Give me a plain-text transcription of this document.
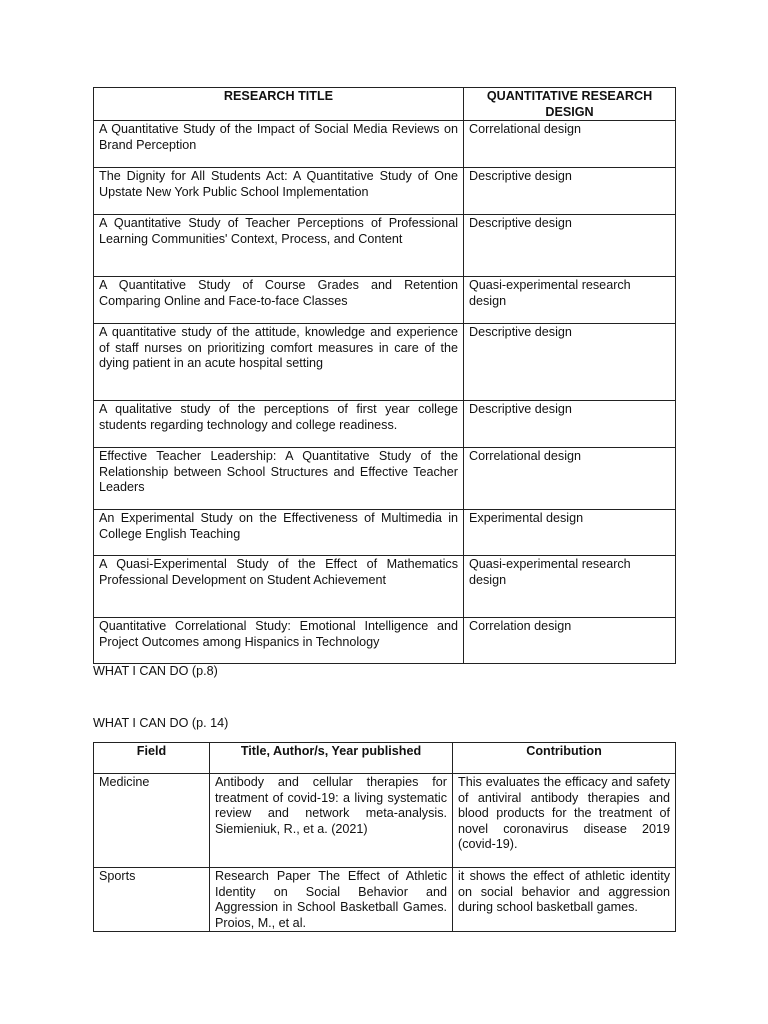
RESEARCH TITLE	QUANTITATIVE RESEARCH DESIGN
A Quantitative Study of the Impact of Social Media Reviews on Brand Perception	Correlational design
The Dignity for All Students Act: A Quantitative Study of One Upstate New York Public School Implementation	Descriptive design
A Quantitative Study of Teacher Perceptions of Professional Learning Communities' Context, Process, and Content	Descriptive design
A Quantitative Study of Course Grades and Retention Comparing Online and Face-to-face Classes	Quasi-experimental research design
A quantitative study of the attitude, knowledge and experience of staff nurses on prioritizing comfort measures in care of the dying patient in an acute hospital setting	Descriptive design
A qualitative study of the perceptions of first year college students regarding technology and college readiness.	Descriptive design
Effective Teacher Leadership: A Quantitative Study of the Relationship between School Structures and Effective Teacher Leaders	Correlational design
An Experimental Study on the Effectiveness of Multimedia in College English Teaching	Experimental design
A Quasi-Experimental Study of the Effect of Mathematics Professional Development on Student Achievement	Quasi-experimental research design
Quantitative Correlational Study: Emotional Intelligence and Project Outcomes among Hispanics in Technology	Correlation design
WHAT I CAN DO (p.8)
WHAT I CAN DO (p. 14)
Field	Title, Author/s, Year published	Contribution
Medicine	Antibody and cellular therapies for treatment of covid-19: a living systematic review and network meta-analysis. Siemieniuk, R., et a. (2021)	This evaluates the efficacy and safety of antiviral antibody therapies and blood products for the treatment of novel coronavirus disease 2019 (covid-19).
Sports	Research Paper The Effect of Athletic Identity on Social Behavior and Aggression in School Basketball Games. Proios, M., et al.	it shows the effect of athletic identity on social behavior and aggression during school basketball games.
